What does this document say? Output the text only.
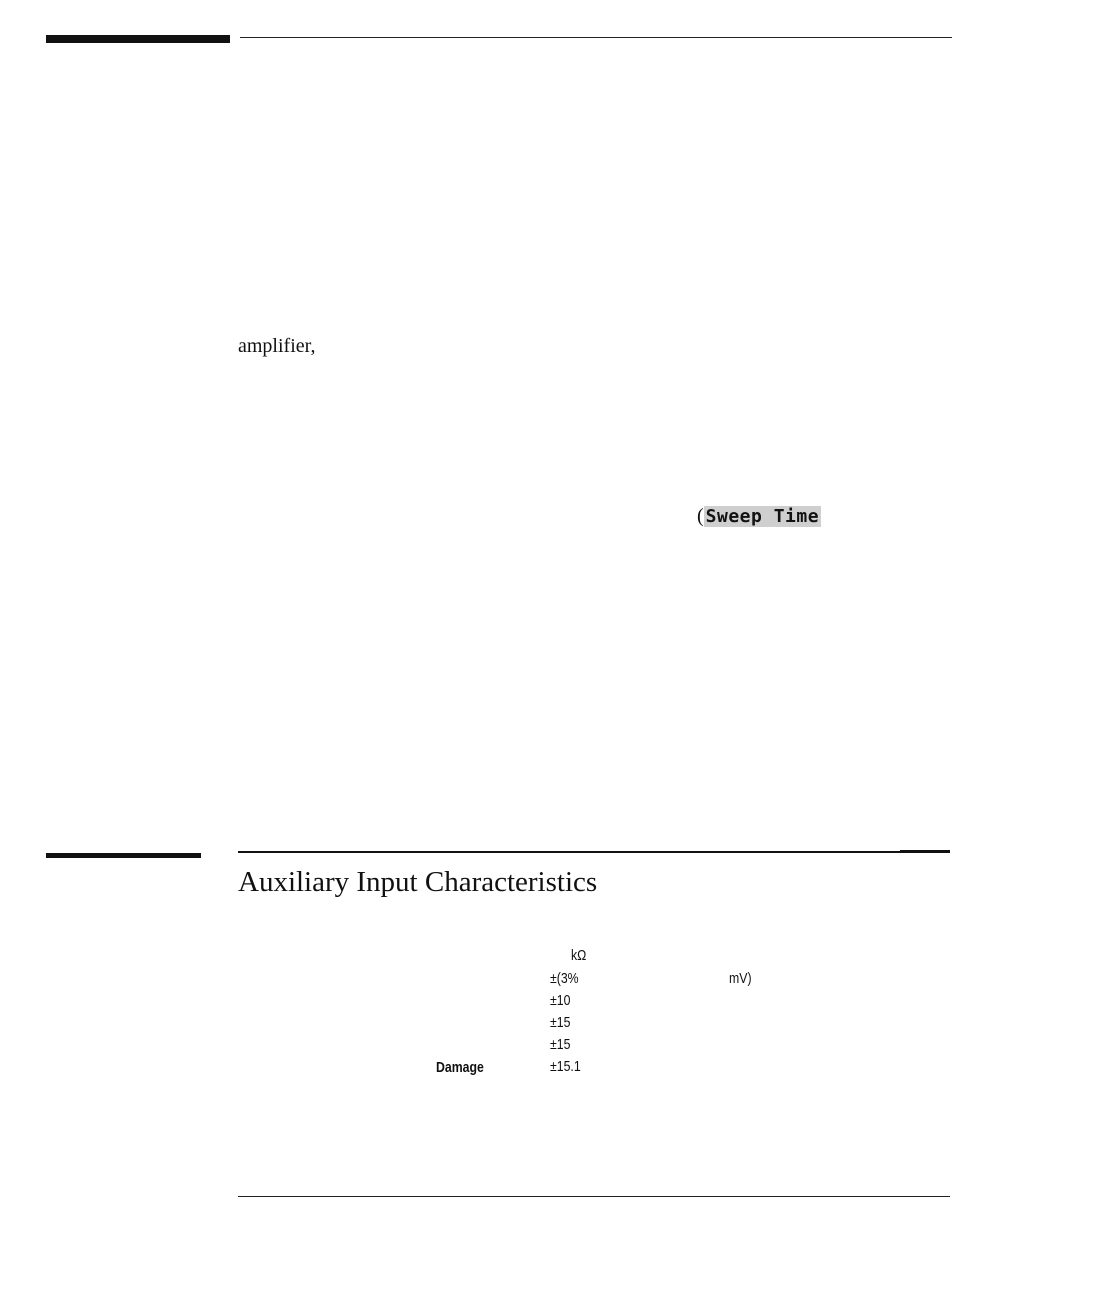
amplifier,
( Sweep Time
Auxiliary Input Characteristics
kΩ
±(3%	mV)
±10
±15
±15
Damage	±15.1
